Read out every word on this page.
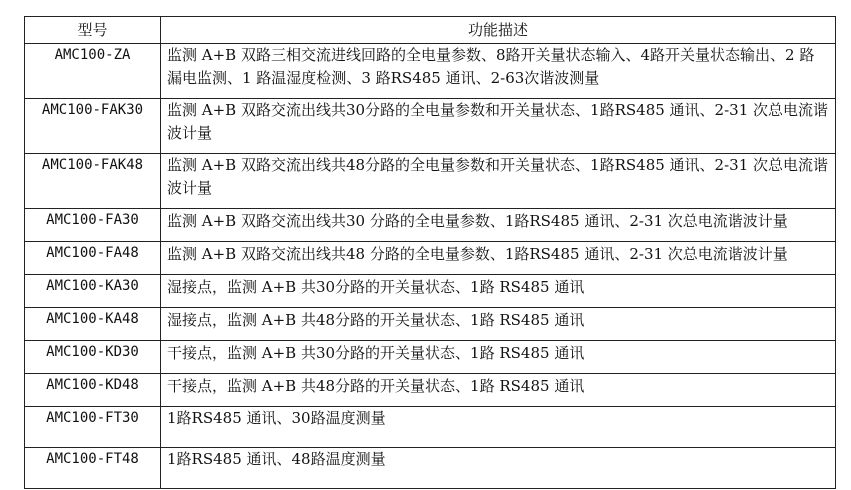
型号	功能描述
AMC100-ZA	监测 A+B 双路三相交流进线回路的全电量参数、8路开关量状态输入、4路开关量状态输出、2 路漏电监测、1 路温湿度检测、3 路RS485 通讯、2-63次谐波测量
AMC100-FAK30	监测 A+B 双路交流出线共30分路的全电量参数和开关量状态、1路RS485 通讯、2-31 次总电流谐波计量
AMC100-FAK48	监测 A+B 双路交流出线共48分路的全电量参数和开关量状态、1路RS485 通讯、2-31 次总电流谐波计量
AMC100-FA30	监测 A+B 双路交流出线共30 分路的全电量参数、1路RS485 通讯、2-31 次总电流谐波计量
AMC100-FA48	监测 A+B 双路交流出线共48 分路的全电量参数、1路RS485 通讯、2-31 次总电流谐波计量
AMC100-KA30	湿接点，监测 A+B 共30分路的开关量状态、1路 RS485 通讯
AMC100-KA48	湿接点，监测 A+B 共48分路的开关量状态、1路 RS485 通讯
AMC100-KD30	干接点，监测 A+B 共30分路的开关量状态、1路 RS485 通讯
AMC100-KD48	干接点，监测 A+B 共48分路的开关量状态、1路 RS485 通讯
AMC100-FT30	1路RS485 通讯、30路温度测量
AMC100-FT48	1路RS485 通讯、48路温度测量
